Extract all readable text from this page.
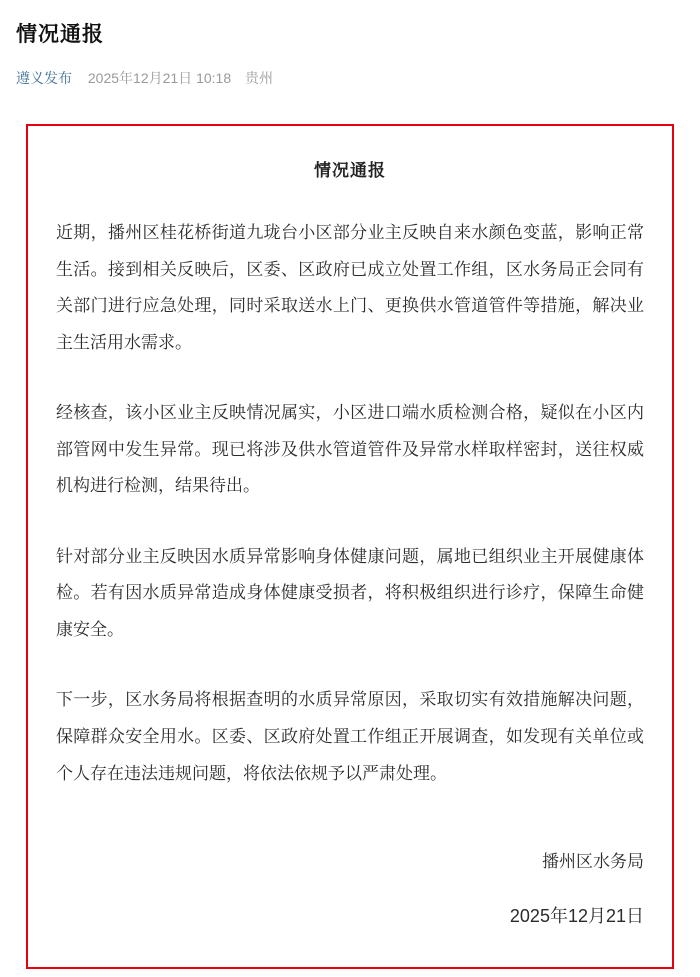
情况通报
遵义发布 2025年12月21日 10:18 贵州
情况通报

近期，播州区桂花桥街道九珑台小区部分业主反映自来水颜色变蓝，影响正常生活。接到相关反映后，区委、区政府已成立处置工作组，区水务局正会同有关部门进行应急处理，同时采取送水上门、更换供水管道管件等措施，解决业主生活用水需求。

经核查，该小区业主反映情况属实，小区进口端水质检测合格，疑似在小区内部管网中发生异常。现已将涉及供水管道管件及异常水样取样密封，送往权威机构进行检测，结果待出。

针对部分业主反映因水质异常影响身体健康问题，属地已组织业主开展健康体检。若有因水质异常造成身体健康受损者，将积极组织进行诊疗，保障生命健康安全。

下一步，区水务局将根据查明的水质异常原因，采取切实有效措施解决问题，保障群众安全用水。区委、区政府处置工作组正开展调查，如发现有关单位或个人存在违法违规问题，将依法依规予以严肃处理。

播州区水务局

2025年12月21日
